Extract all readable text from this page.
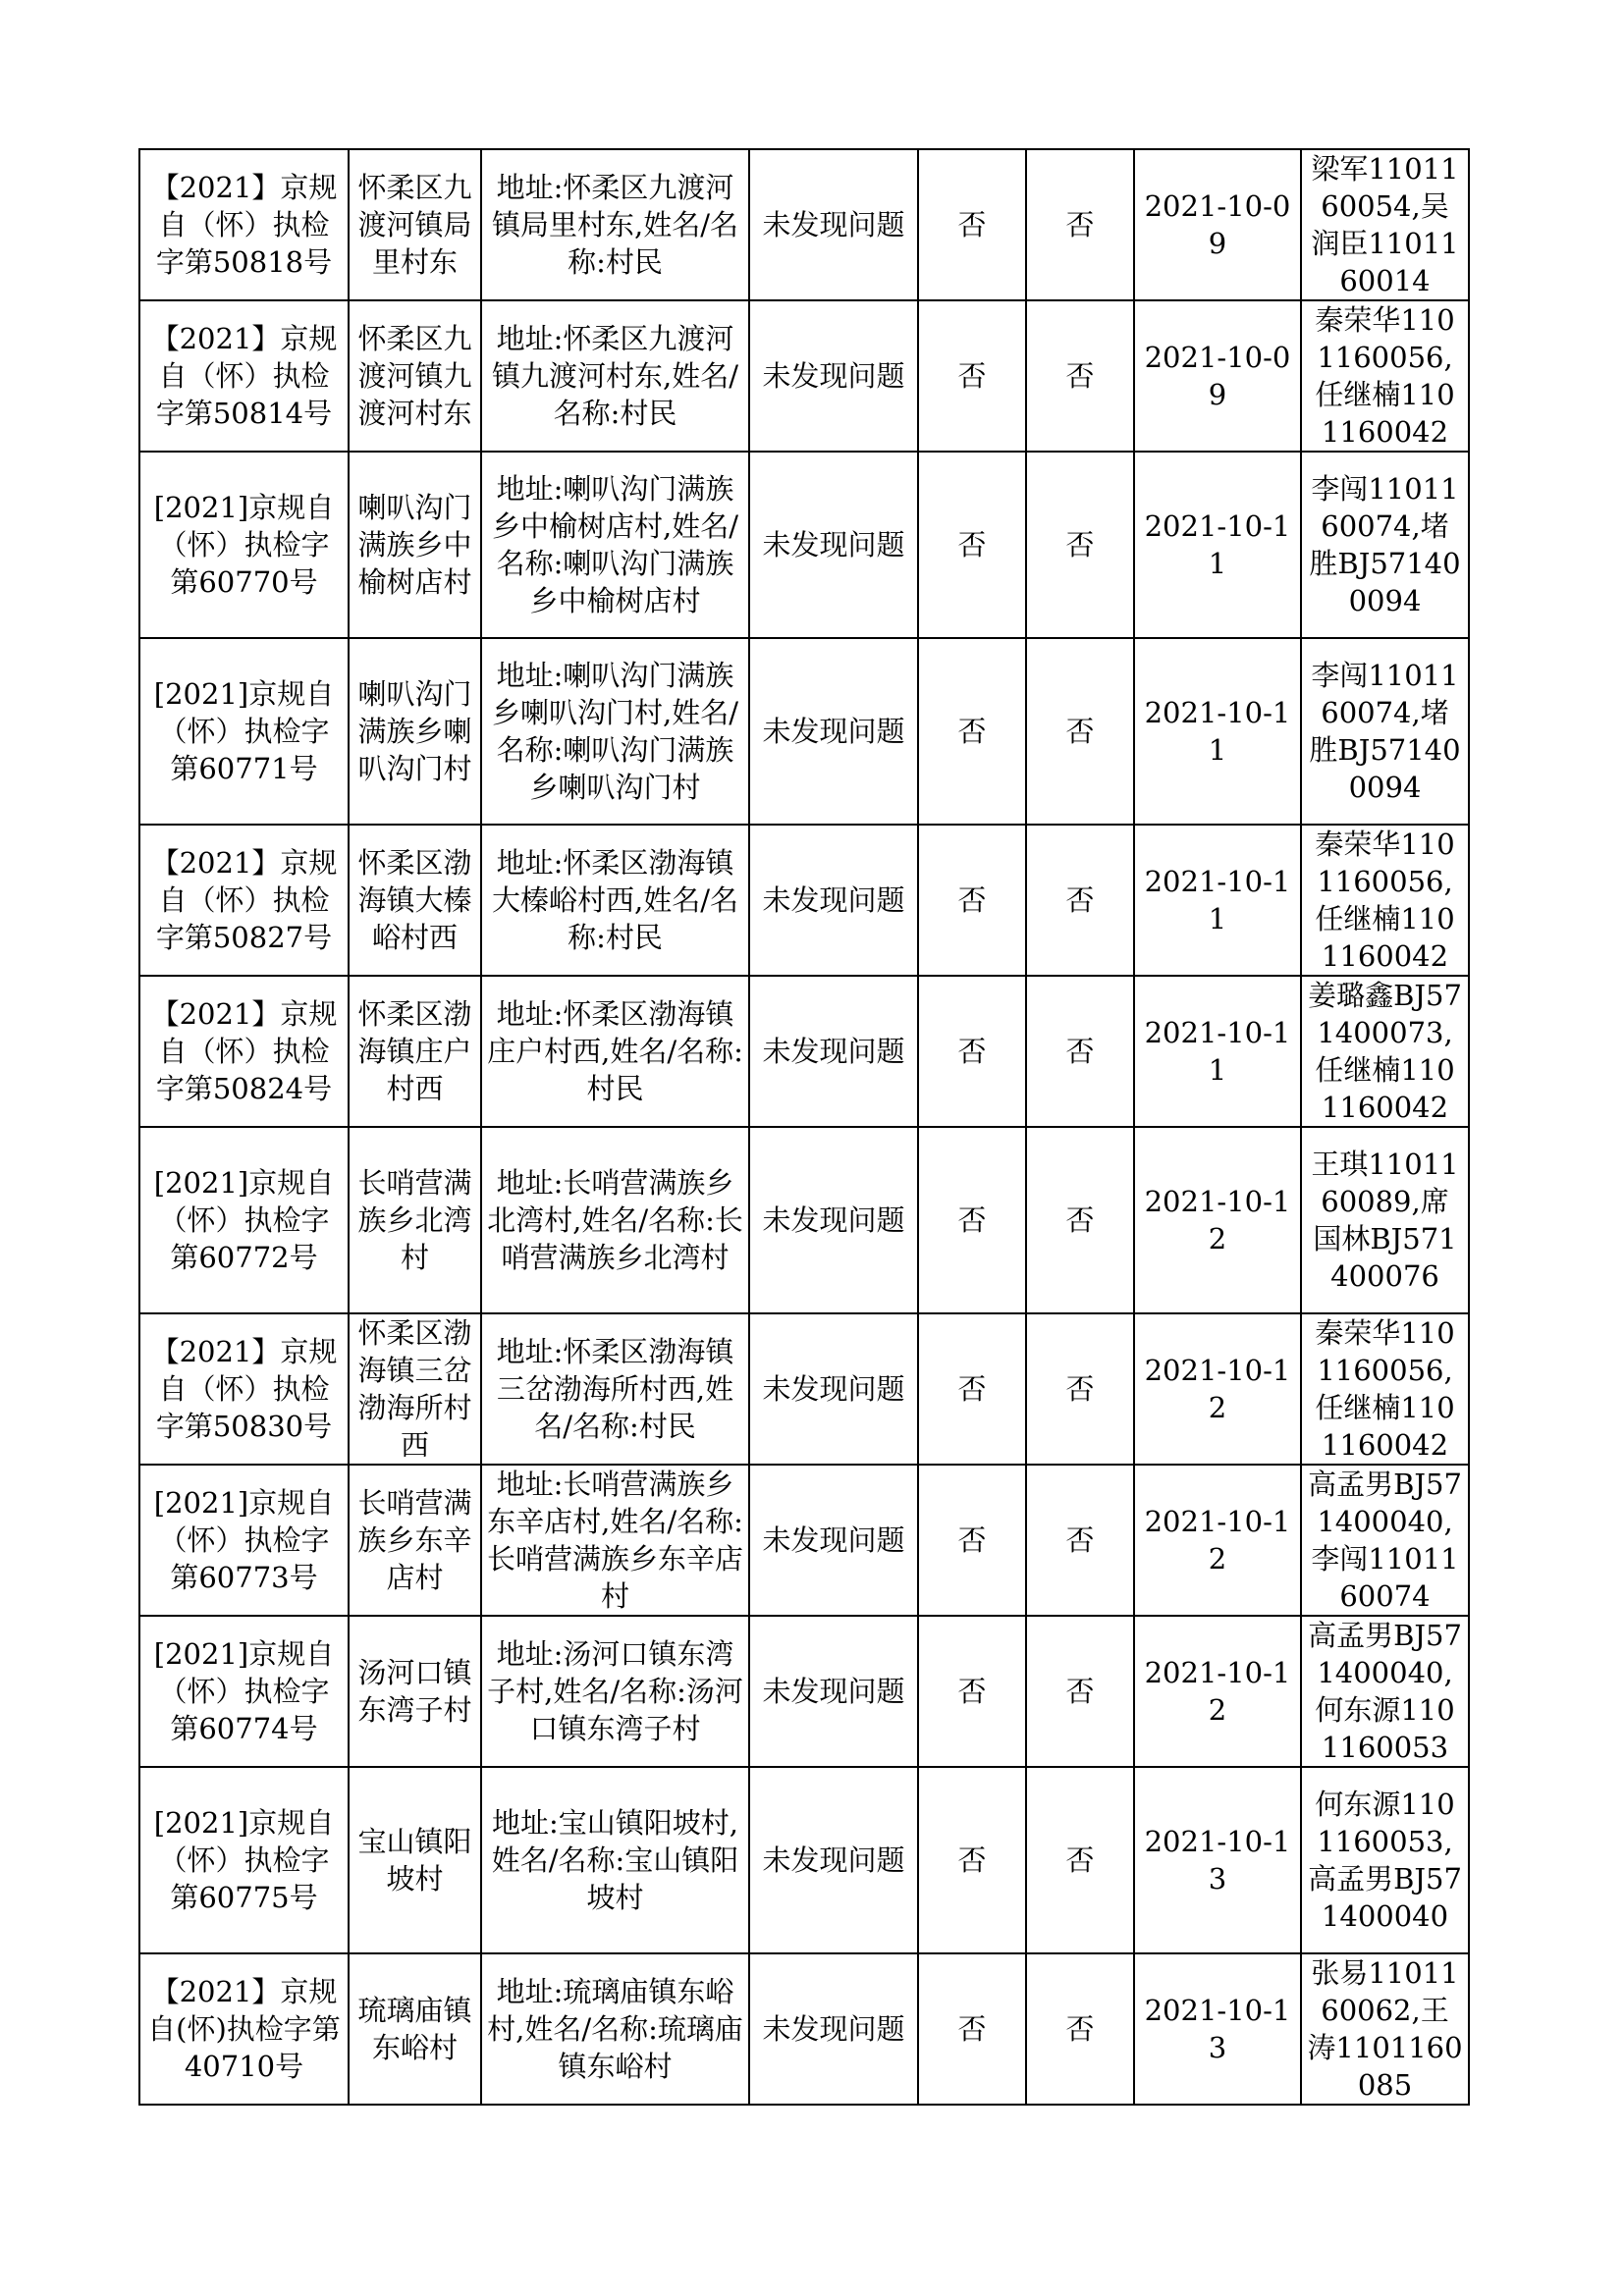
【2021】京规自（怀）执检字第50818号	怀柔区九渡河镇局里村东	地址:怀柔区九渡河镇局里村东,姓名/名称:村民	未发现问题	否	否	2021-10-09	梁军1101160054,吴润臣1101160014

【2021】京规自（怀）执检字第50814号	怀柔区九渡河镇九渡河村东	地址:怀柔区九渡河镇九渡河村东,姓名/名称:村民	未发现问题	否	否	2021-10-09	秦荣华1101160056,任继楠1101160042

[2021]京规自（怀）执检字第60770号	喇叭沟门满族乡中榆树店村	地址:喇叭沟门满族乡中榆树店村,姓名/名称:喇叭沟门满族乡中榆树店村	未发现问题	否	否	2021-10-11	李闯1101160074,堵胜BJ571400094

[2021]京规自（怀）执检字第60771号	喇叭沟门满族乡喇叭沟门村	地址:喇叭沟门满族乡喇叭沟门村,姓名/名称:喇叭沟门满族乡喇叭沟门村	未发现问题	否	否	2021-10-11	李闯1101160074,堵胜BJ571400094

【2021】京规自（怀）执检字第50827号	怀柔区渤海镇大榛峪村西	地址:怀柔区渤海镇大榛峪村西,姓名/名称:村民	未发现问题	否	否	2021-10-11	秦荣华1101160056,任继楠1101160042

【2021】京规自（怀）执检字第50824号	怀柔区渤海镇庄户村西	地址:怀柔区渤海镇庄户村西,姓名/名称:村民	未发现问题	否	否	2021-10-11	姜璐鑫BJ571400073,任继楠1101160042

[2021]京规自（怀）执检字第60772号	长哨营满族乡北湾村	地址:长哨营满族乡北湾村,姓名/名称:长哨营满族乡北湾村	未发现问题	否	否	2021-10-12	王琪1101160089,席国林BJ571400076

【2021】京规自（怀）执检字第50830号	怀柔区渤海镇三岔渤海所村西	地址:怀柔区渤海镇三岔渤海所村西,姓名/名称:村民	未发现问题	否	否	2021-10-12	秦荣华1101160056,任继楠1101160042

[2021]京规自（怀）执检字第60773号	长哨营满族乡东辛店村	地址:长哨营满族乡东辛店村,姓名/名称:长哨营满族乡东辛店村	未发现问题	否	否	2021-10-12	高孟男BJ571400040,李闯1101160074

[2021]京规自（怀）执检字第60774号	汤河口镇东湾子村	地址:汤河口镇东湾子村,姓名/名称:汤河口镇东湾子村	未发现问题	否	否	2021-10-12	高孟男BJ571400040,何东源1101160053

[2021]京规自（怀）执检字第60775号	宝山镇阳坡村	地址:宝山镇阳坡村,姓名/名称:宝山镇阳坡村	未发现问题	否	否	2021-10-13	何东源1101160053,高孟男BJ571400040

【2021】京规自(怀)执检字第40710号	琉璃庙镇东峪村	地址:琉璃庙镇东峪村,姓名/名称:琉璃庙镇东峪村	未发现问题	否	否	2021-10-13	张易1101160062,王涛1101160085
